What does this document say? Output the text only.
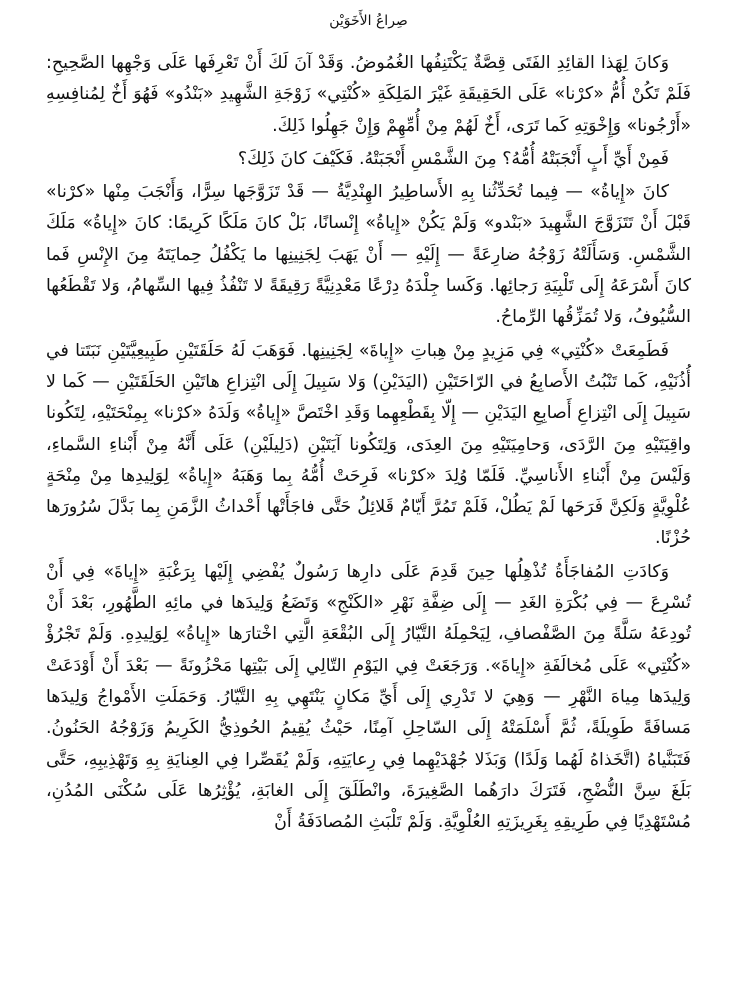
صِراعُ الأَخَوَيْن

وَكانَ لِهَذا القائِدِ الفَتَى قِصَّةٌ يَكْتَنِفُها الغُمُوضُ. وَقَدْ آنَ لَكَ أَنْ تَعْرِفَها عَلَى وَجْهِها الصَّحِيحِ: فَلَمْ تَكُنْ أُمُّ «كرْنا» عَلَى الحَقِيقَةِ غَيْرَ المَلِكَةِ «كُنْتِي» زَوْجَةِ الشَّهِيدِ «بَنْدُو» فَهُوَ أَخٌ لِمُنافِسِهِ «أَرْجُونا» وَإِخْوَتِهِ كَما تَرَى، أَخٌ لَهُمْ مِنْ أُمِّهِمْ وَإِنْ جَهِلُوا ذَلِكَ.

فَمِنْ أَيِّ أَبٍ أَنْجَبَتْهُ أُمُّهُ؟ مِنَ الشَّمْسِ أَنْجَبَتْهُ. فَكَيْفَ كانَ ذَلِكَ؟

كانَ «إِياةُ» — فِيما تُحَدِّثُنا بِهِ الأَساطِيرُ الهِنْدِيَّةُ — قَدْ تَزَوَّجَها سِرًّا، وَأَنْجَبَ مِنْها «كرْنا» قَبْلَ أَنْ تَتَزَوَّجَ الشَّهِيدَ «بَنْدو» وَلَمْ يَكُنْ «إِياةُ» إِنْسانًا، بَلْ كانَ مَلَكًا كَرِيمًا: كانَ «إِياةُ» مَلَكَ الشَّمْسِ. وَسَأَلَتْهُ زَوْجُهُ ضارِعَةً — إِلَيْهِ — أَنْ يَهَبَ لِجَنِينِها ما يَكْفُلُ حِمايَتَهُ مِنَ الإِنْسِ فَما كانَ أَسْرَعَهُ إِلَى تَلْبِيَةِ رَجائِها. وَكَسا جِلْدَهُ دِرْعًا مَعْدِنِيَّةً رَقِيقَةً لا تَنْفُذُ فِيها السِّهامُ، وَلا تَقْطَعُها السُّيُوفُ، وَلا تُمَزِّقُها الرِّماحُ.

فَطَمِعَتْ «كُنْتِي» فِي مَزِيدٍ مِنْ هِباتِ «إِياةَ» لِجَنِينِها. فَوَهَبَ لَهُ حَلَقَتَيْنِ طَبِيعِيَّتَيْنِ نَبَتَتا في أُذُنَيْهِ، كَما تَنْبُتُ الأَصابِعُ في الرّاحَتَيْنِ (اليَدَيْنِ) وَلا سَبِيلَ إِلَى انْتِزاعِ هاتَيْنِ الحَلَقَتَيْنِ — كَما لا سَبِيلَ إِلَى انْتِزاعِ أَصابِعِ اليَدَيْنِ — إِلّا بِقَطْعِهِما وَقَدِ اخْتَصَّ «إِياةُ» وَلَدَهُ «كرْنا» بِمِنْحَتَيْهِ، لِتَكُونا واقِيَتَيْهِ مِنَ الرَّدَى، وَحامِيَتَيْهِ مِنَ العِدَى، وَلِتَكُونا آيَتَيْنِ (دَلِيلَيْنِ) عَلَى أَنَّهُ مِنْ أَبْناءِ السَّماءِ، وَلَيْسَ مِنْ أَبْناءِ الأَناسِيِّ. فَلَمّا وُلِدَ «كرْنا» فَرِحَتْ أُمُّهُ بِما وَهَبَهُ «إِياةُ» لِوَلِيدِها مِنْ مِنْحَةٍ عُلْوِيَّةٍ وَلَكِنَّ فَرَحَها لَمْ يَطُلْ، فَلَمْ تَمُرَّ أَيّامٌ قَلائِلُ حَتَّى فاجَأَتْها أَحْداثُ الزَّمَنِ بِما بَدَّلَ سُرُورَها حُزْنًا.

وَكادَتِ المُفاجَأَةُ تُذْهِلُها حِينَ قَدِمَ عَلَى دارِها رَسُولٌ يُفْضِي إِلَيْها بِرَغْبَةِ «إِياةَ» فِي أَنْ تُسْرِعَ — فِي بُكْرَةِ الغَدِ — إِلَى ضِفَّةِ نَهْرِ «الكَنْجِ» وَتَضَعُ وَلِيدَها في مائِهِ الطَّهُورِ، بَعْدَ أَنْ تُودِعَهُ سَلَّةً مِنَ الصَّفْصافِ، لِيَحْمِلَهُ التَّيّارُ إِلَى البُقْعَةِ الَّتِي اخْتارَها «إِياةُ» لِوَلِيدِهِ. وَلَمْ تَجْرُؤْ «كُنْتِي» عَلَى مُخالَفَةِ «إِياةَ». وَرَجَعَتْ فِي اليَوْمِ التّالِي إِلَى بَيْتِها مَحْزُونَةً — بَعْدَ أَنْ أَوْدَعَتْ وَلِيدَها مِياهَ النَّهْرِ — وَهِيَ لا تَدْرِي إِلَى أَيِّ مَكانٍ يَنْتَهِي بِهِ التَّيّارُ. وَحَمَلَتِ الأَمْواجُ وَلِيدَها مَسافَةً طَوِيلَةً، ثُمَّ أَسْلَمَتْهُ إِلَى السّاحِلِ آمِنًا، حَيْثُ يُقِيمُ الحُوذِيُّ الكَرِيمُ وَزَوْجُهُ الحَنُونُ. فَتَبَنَّياهُ (اتَّخَذاهُ لَهُما وَلَدًا) وَبَذَلا جُهْدَيْهِما فِي رِعايَتِهِ، وَلَمْ يُقَصِّرا فِي العِنايَةِ بِهِ وَتَهْذِيبِهِ، حَتَّى بَلَغَ سِنَّ النُّضْجِ، فَتَرَكَ دارَهُما الصَّغِيرَةَ، وانْطَلَقَ إِلَى الغابَةِ، يُؤْثِرُها عَلَى سُكْنَى المُدُنِ، مُسْتَهْدِيًا فِي طَرِيقِهِ بِغَرِيزَتِهِ العُلْوِيَّةِ. وَلَمْ تَلْبَثِ المُصادَفَةُ أَنْ
